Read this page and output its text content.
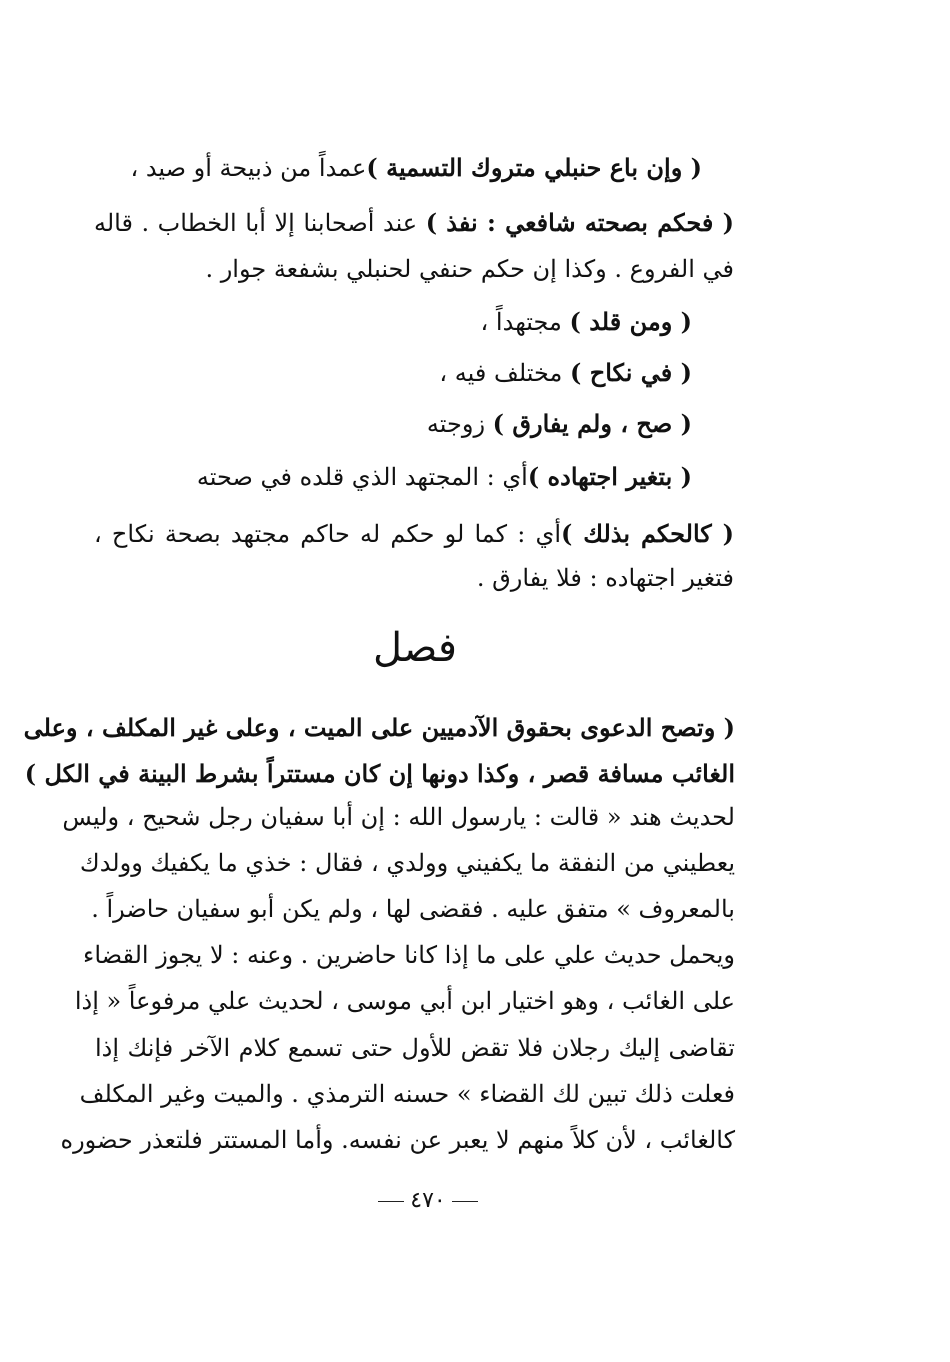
( وإن باع حنبلي متروك التسمية )عمداً من ذبيحة أو صيد ،
( فحكم بصحته شافعي : نفذ ) عند أصحابنا إلا أبا الخطاب . قاله
في الفروع . وكذا إن حكم حنفي لحنبلي بشفعة جوار .
( ومن قلد ) مجتهداً ،
( في نكاح ) مختلف فيه ،
( صح ، ولم يفارق ) زوجته
( بتغير اجتهاده )أي : المجتهد الذي قلده في صحته
( كالحكم بذلك )أي : كما لو حكم له حاكم مجتهد بصحة نكاح ،
فتغير اجتهاده : فلا يفارق .
فصل
( وتصح الدعوى بحقوق الآدميين على الميت ، وعلى غير المكلف ، وعلى
الغائب مسافة قصر ، وكذا دونها إن كان مستتراً بشرط البينة في الكل )
لحديث هند « قالت : يارسول الله : إن أبا سفيان رجل شحيح ، وليس
يعطيني من النفقة ما يكفيني وولدي ، فقال : خذي ما يكفيك وولدك
بالمعروف » متفق عليه . فقضى لها ، ولم يكن أبو سفيان حاضراً .
ويحمل حديث علي على ما إذا كانا حاضرين . وعنه : لا يجوز القضاء
على الغائب ، وهو اختيار ابن أبي موسى ، لحديث علي مرفوعاً « إذا
تقاضى إليك رجلان فلا تقض للأول حتى تسمع كلام الآخر فإنك إذا
فعلت ذلك تبين لك القضاء » حسنه الترمذي . والميت وغير المكلف
كالغائب ، لأن كلاً منهم لا يعبر عن نفسه. وأما المستتر فلتعذر حضوره
٤٧٠
